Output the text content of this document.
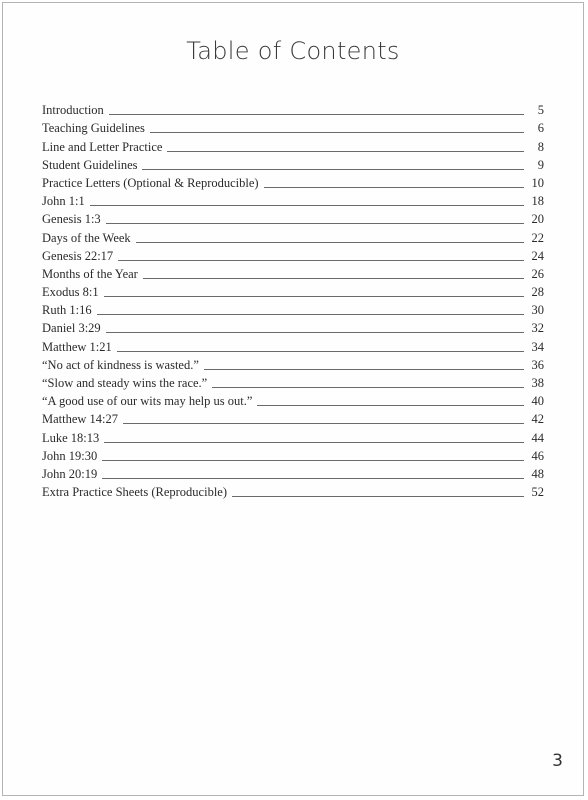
Table of Contents
Introduction	5
Teaching Guidelines	6
Line and Letter Practice	8
Student Guidelines	9
Practice Letters (Optional & Reproducible)	10
John 1:1	18
Genesis 1:3	20
Days of the Week	22
Genesis 22:17	24
Months of the Year	26
Exodus 8:1	28
Ruth 1:16	30
Daniel 3:29	32
Matthew 1:21	34
“No act of kindness is wasted.”	36
“Slow and steady wins the race.”	38
“A good use of our wits may help us out.”	40
Matthew 14:27	42
Luke 18:13	44
John 19:30	46
John 20:19	48
Extra Practice Sheets (Reproducible)	52
3
